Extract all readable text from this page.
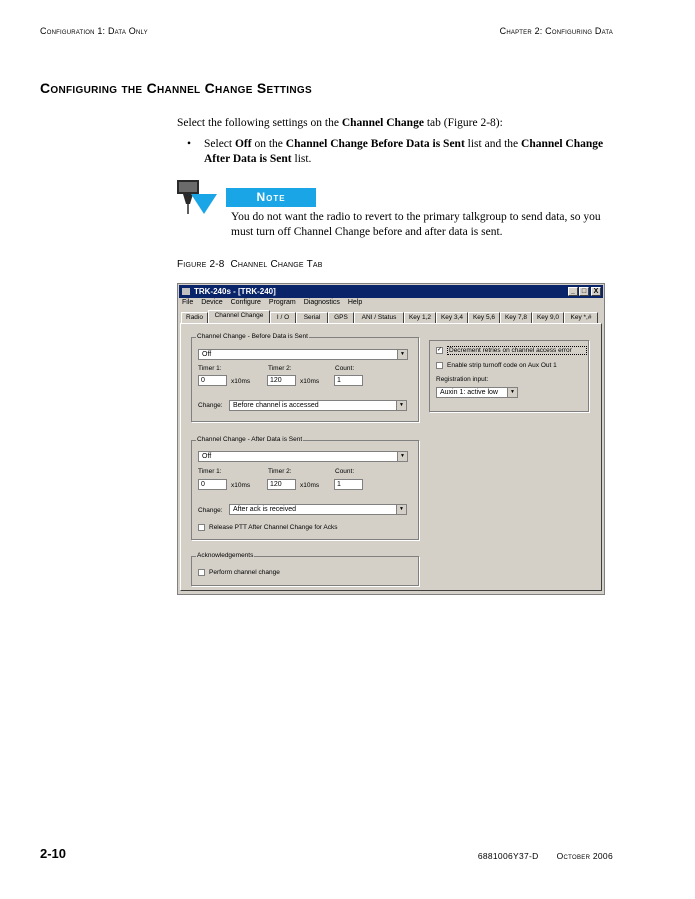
Configuration 1: Data Only	Chapter 2: Configuring Data
Configuring the Channel Change Settings
Select the following settings on the Channel Change tab (Figure 2-8):
• Select Off on the Channel Change Before Data is Sent list and the Channel Change After Data is Sent list.
Note
You do not want the radio to revert to the primary talkgroup to send data, so you must turn off Channel Change before and after data is sent.
Figure 2-8 Channel Change Tab
TRK-240s - [TRK-240]	_ □	X
File Device Configure Program Diagnostics Help
Radio	Channel Change	I / O	Serial	GPS	ANI / Status	Key 1,2	Key 3,4	Key 5,6	Key 7,8	Key 9,0	Key *,#
Channel Change - Before Data is Sent
Off	▼
Timer 1:	Timer 2:	Count:
0	x10ms	120	x10ms	1
Change:	Before channel is accessed	▼
Channel Change - After Data is Sent
Off	▼
Timer 1:	Timer 2:	Count:
0	x10ms	120	x10ms	1
Change:	After ack is received	▼
Release PTT After Channel Change for Acks
Acknowledgements
Perform channel change
✓	Decrement retries on channel access error
Enable strip turnoff code on Aux Out 1
Registration input:
Auxin 1: active low	▼
2-10	6881006Y37-D October 2006
